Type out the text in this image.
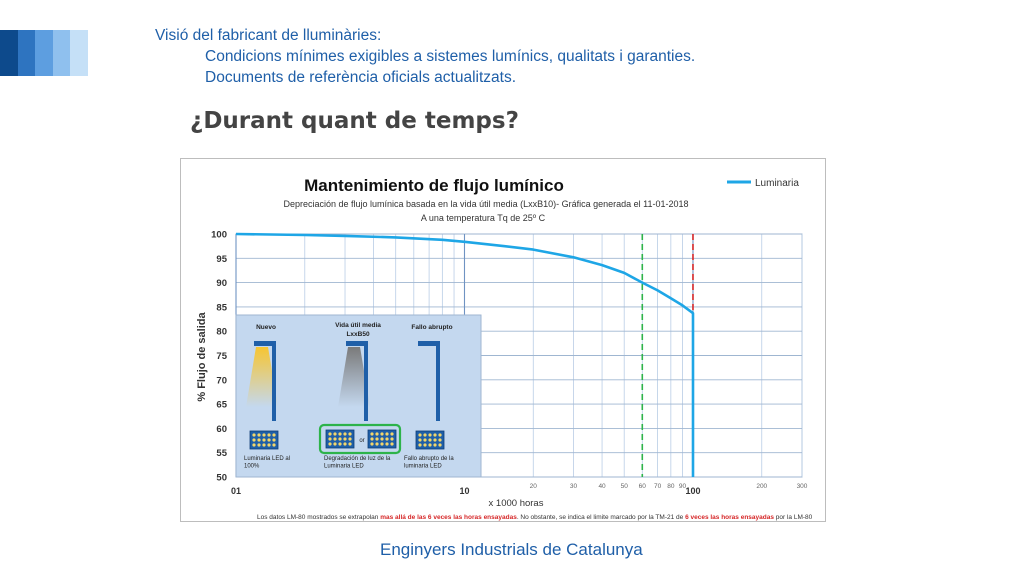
Visió del fabricant de lluminàries:
Condicions mínimes exigibles a sistemes lumínics, qualitats i garanties.
Documents de referència oficials actualitzats.
¿Durant quant de temps?
100
95
90
85
80
75
70
65
60
55
50
01	10	20	30	40 50 60 70 80 90 100	200	300
Nuevo	Vida útil media
LxxB50
Fallo abrupto
or
Luminaria LED al
100%
Degradación de luz de la
Luminaria LED
Fallo abrupto de la
luminaria LED
Luminaria
Mantenimiento de flujo lumínico
Depreciación de flujo lumínica basada en la vida útil media (LxxB10)- Gráfica generada el 11-01-2018
A una temperatura Tq de 25º C
% Flujo de salida
x 1000 horas
Los datos LM-80 mostrados se extrapolan mas allá de las 6 veces las horas ensayadas. No obstante, se indica el limite marcado por la TM-21 de 6 veces las horas ensayadas por la LM-80
Enginyers Industrials de Catalunya
